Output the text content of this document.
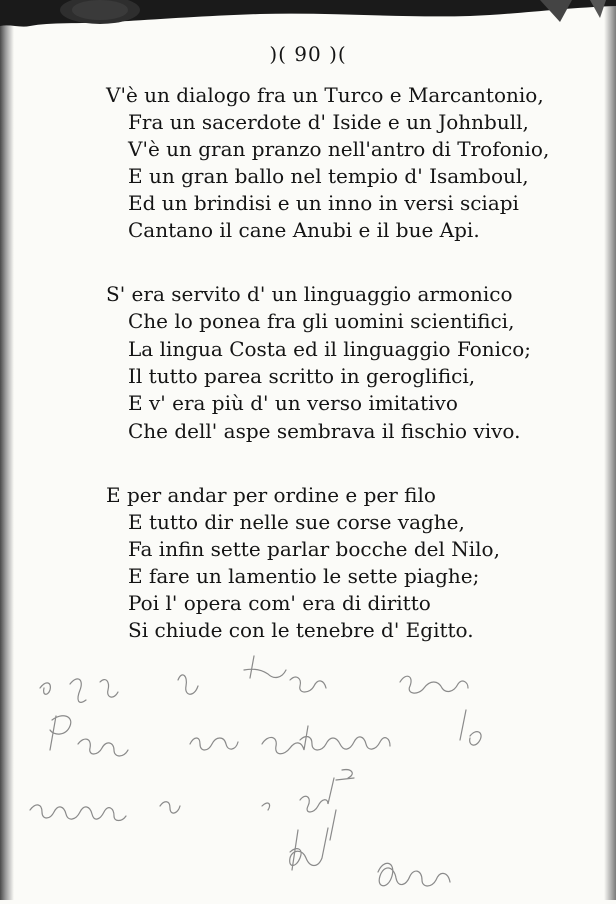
)( 90 )(
V'è un dialogo fra un Turco e Marcantonio,
Fra un sacerdote d' Iside e un Johnbull,
V'è un gran pranzo nell'antro di Trofonio,
E un gran ballo nel tempio d' Isamboul,
Ed un brindisi e un inno in versi sciapi
Cantano il cane Anubi e il bue Api.
S' era servito d' un linguaggio armonico
Che lo ponea fra gli uomini scientifici,
La lingua Costa ed il linguaggio Fonico;
Il tutto parea scritto in geroglifici,
E v' era più d' un verso imitativo
Che dell' aspe sembrava il fischio vivo.
E per andar per ordine e per filo
E tutto dir nelle sue corse vaghe,
Fa infin sette parlar bocche del Nilo,
E fare un lamentio le sette piaghe;
Poi l' opera com' era di diritto
Si chiude con le tenebre d' Egitto.
